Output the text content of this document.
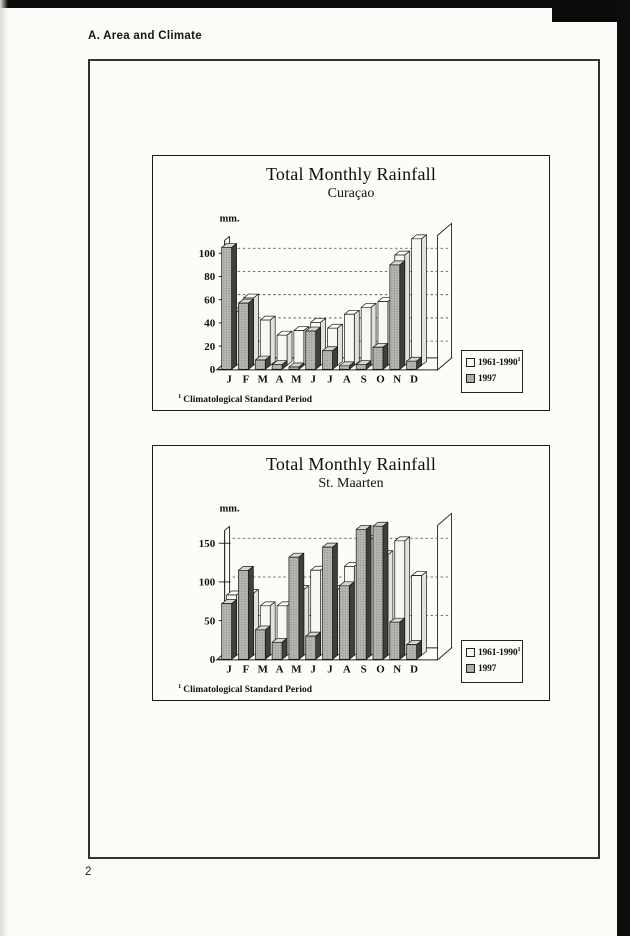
A. Area and Climate
0
20
40
60
80
100
mm.
J F M A M J J A S O N D
Total Monthly Rainfall
Curaçao
1961-1990$^1$
1997
$^1$ Climatological Standard Period
0
50
100
150
mm.
J F M A M J J A S O N D
Total Monthly Rainfall
St. Maarten
1961-1990$^1$
1997
$^1$ Climatological Standard Period
2
